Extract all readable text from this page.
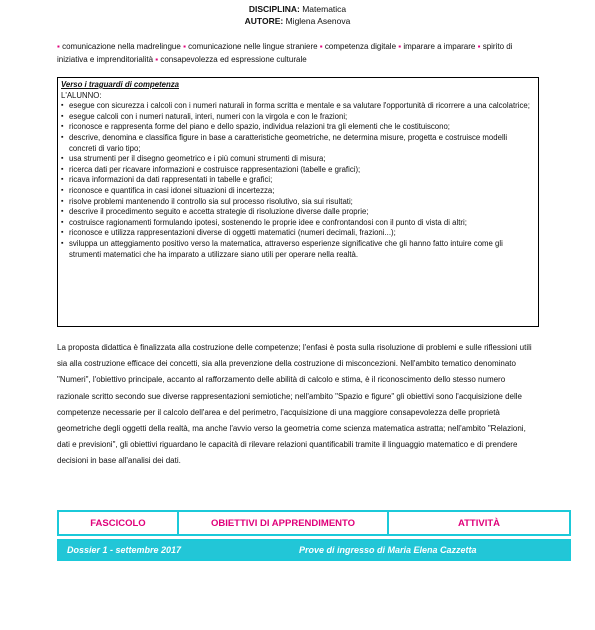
DISCIPLINA: Matematica
AUTORE: Miglena Asenova
▪ comunicazione nella madrelingue ▪ comunicazione nelle lingue straniere ▪ competenza digitale ▪ imparare a imparare ▪ spirito di iniziativa e imprenditorialità ▪ consapevolezza ed espressione culturale
Verso i traguardi di competenza
L'ALUNNO:
▪ esegue con sicurezza i calcoli con i numeri naturali in forma scritta e mentale e sa valutare l'opportunità di ricorrere a una calcolatrice;
▪ esegue calcoli con i numeri naturali, interi, numeri con la virgola e con le frazioni;
▪ riconosce e rappresenta forme del piano e dello spazio, individua relazioni tra gli elementi che le costituiscono;
▪ descrive, denomina e classifica figure in base a caratteristiche geometriche, ne determina misure, progetta e costruisce modelli concreti di vario tipo;
▪ usa strumenti per il disegno geometrico e i più comuni strumenti di misura;
▪ ricerca dati per ricavare informazioni e costruisce rappresentazioni (tabelle e grafici);
▪ ricava informazioni da dati rappresentati in tabelle e grafici;
▪ riconosce e quantifica in casi idonei situazioni di incertezza;
▪ risolve problemi mantenendo il controllo sia sul processo risolutivo, sia sui risultati;
▪ descrive il procedimento seguito e accetta strategie di risoluzione diverse dalle proprie;
▪ costruisce ragionamenti formulando ipotesi, sostenendo le proprie idee e confrontandosi con il punto di vista di altri;
▪ riconosce e utilizza rappresentazioni diverse di oggetti matematici (numeri decimali, frazioni...);
▪ sviluppa un atteggiamento positivo verso la matematica, attraverso esperienze significative che gli hanno fatto intuire come gli strumenti matematici che ha imparato a utilizzare siano utili per operare nella realtà.
La proposta didattica è finalizzata alla costruzione delle competenze; l'enfasi è posta sulla risoluzione di problemi e sulle riflessioni utili sia alla costruzione efficace dei concetti, sia alla prevenzione della costruzione di misconcezioni. Nell'ambito tematico denominato "Numeri", l'obiettivo principale, accanto al rafforzamento delle abilità di calcolo e stima, è il riconoscimento dello stesso numero razionale scritto secondo sue diverse rappresentazioni semiotiche; nell'ambito "Spazio e figure" gli obiettivi sono l'acquisizione delle competenze necessarie per il calcolo dell'area e del perimetro, l'acquisizione di una maggiore consapevolezza delle proprietà geometriche degli oggetti della realtà, ma anche l'avvio verso la geometria come scienza matematica astratta; nell'ambito "Relazioni, dati e previsioni", gli obiettivi riguardano le capacità di rilevare relazioni quantificabili tramite il linguaggio matematico e di prendere decisioni in base all'analisi dei dati.
FASCICOLO	OBIETTIVI DI APPRENDIMENTO	ATTIVITÀ
Dossier 1 - settembre 2017	Prove di ingresso di Maria Elena Cazzetta
